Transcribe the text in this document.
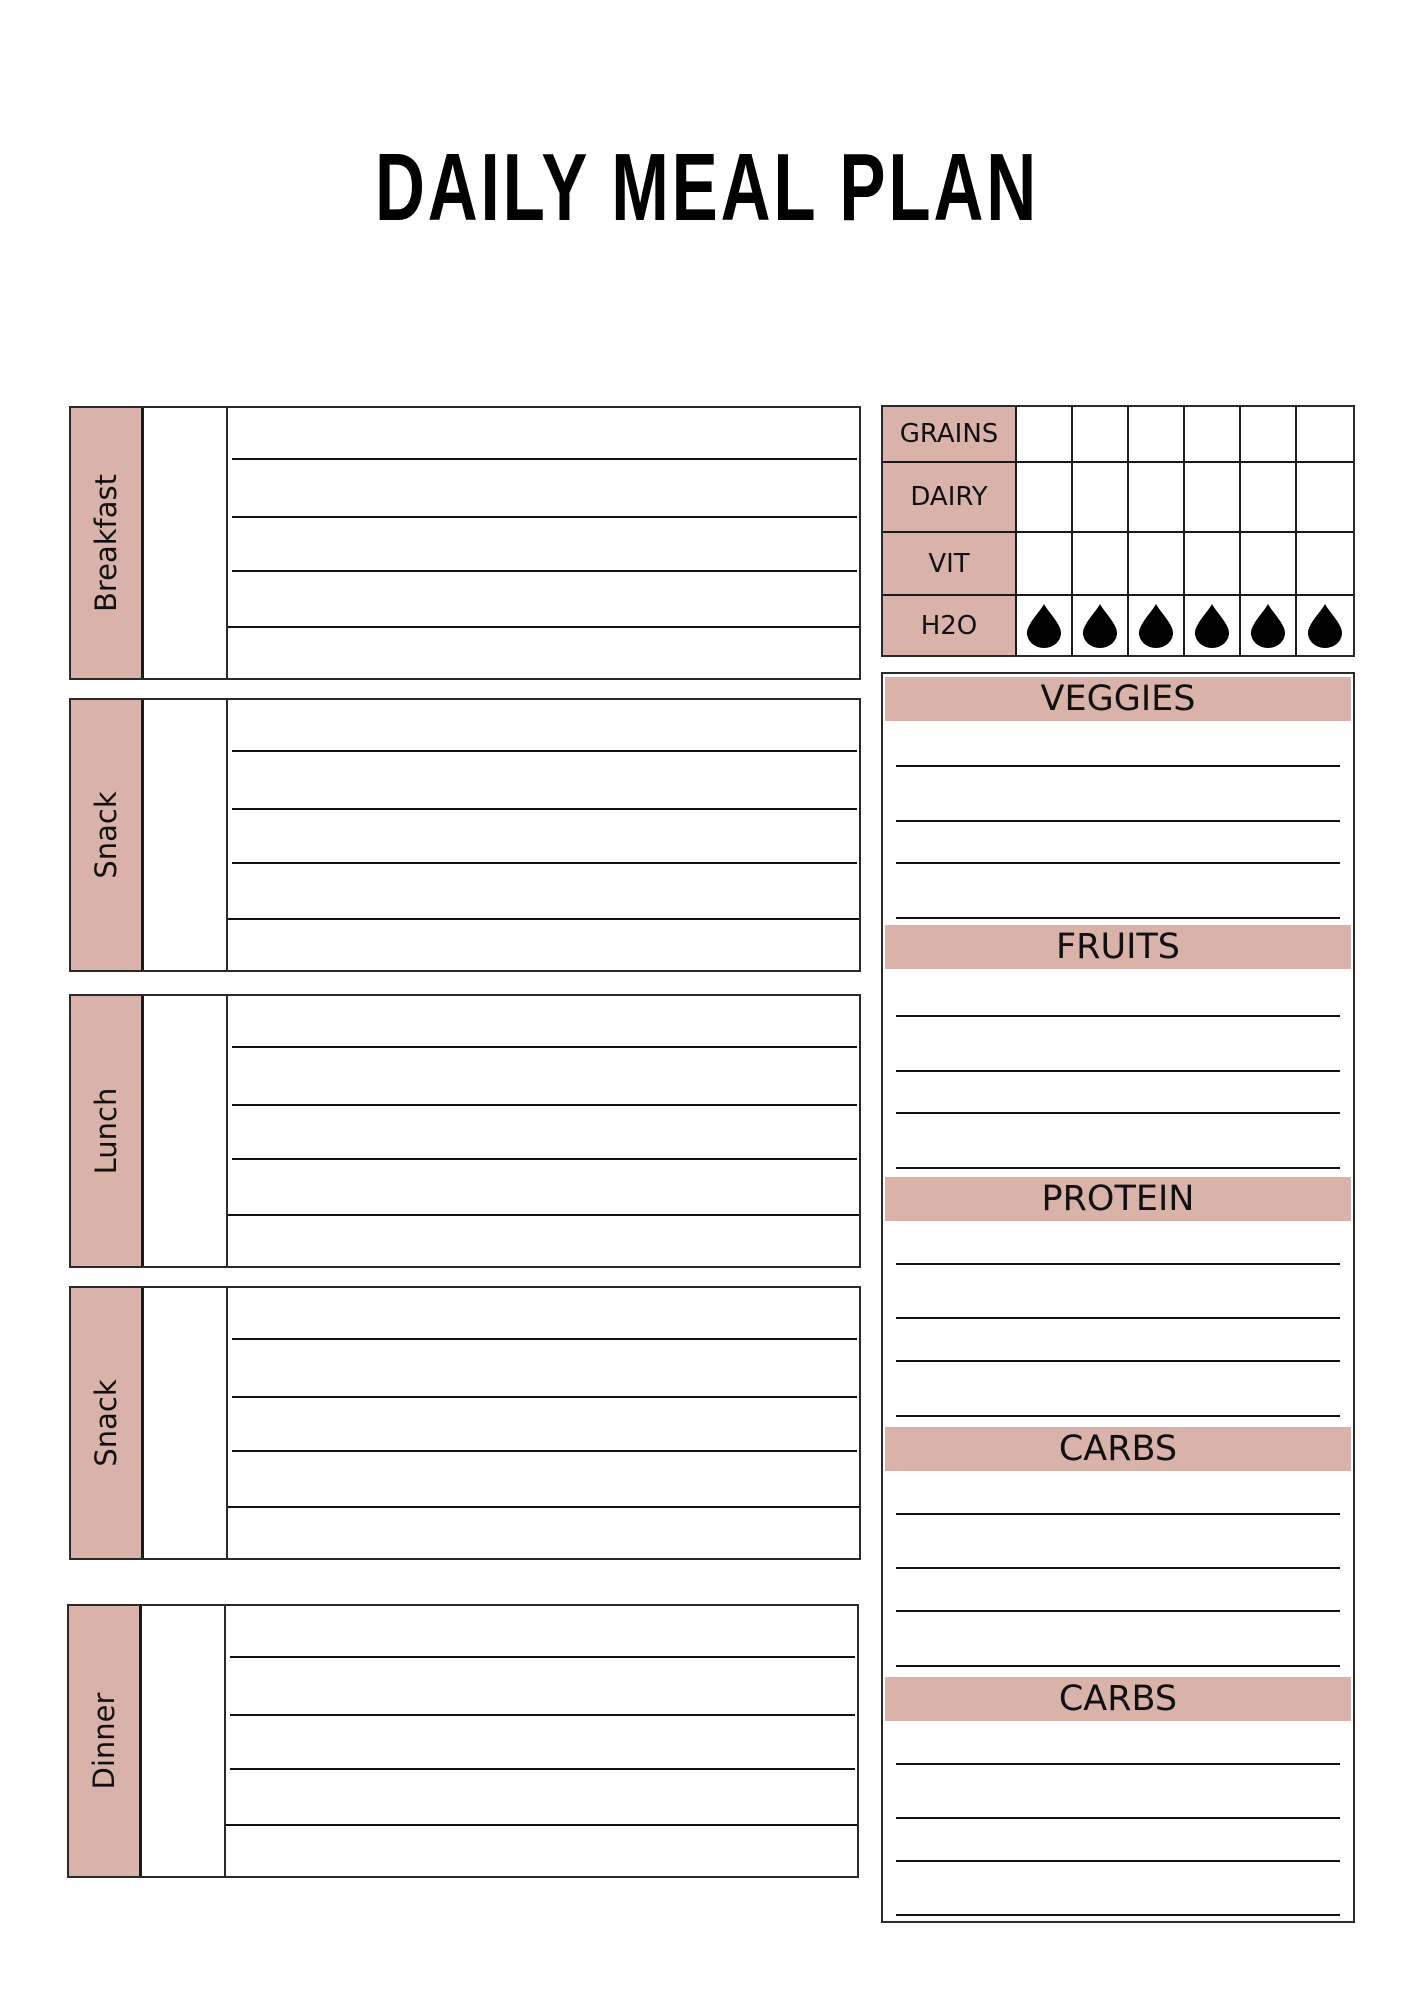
DAILY MEAL PLAN
Breakfast
Snack
Lunch
Snack
Dinner
GRAINS
DAIRY
VIT
H2O
VEGGIES
FRUITS
PROTEIN
CARBS
CARBS
